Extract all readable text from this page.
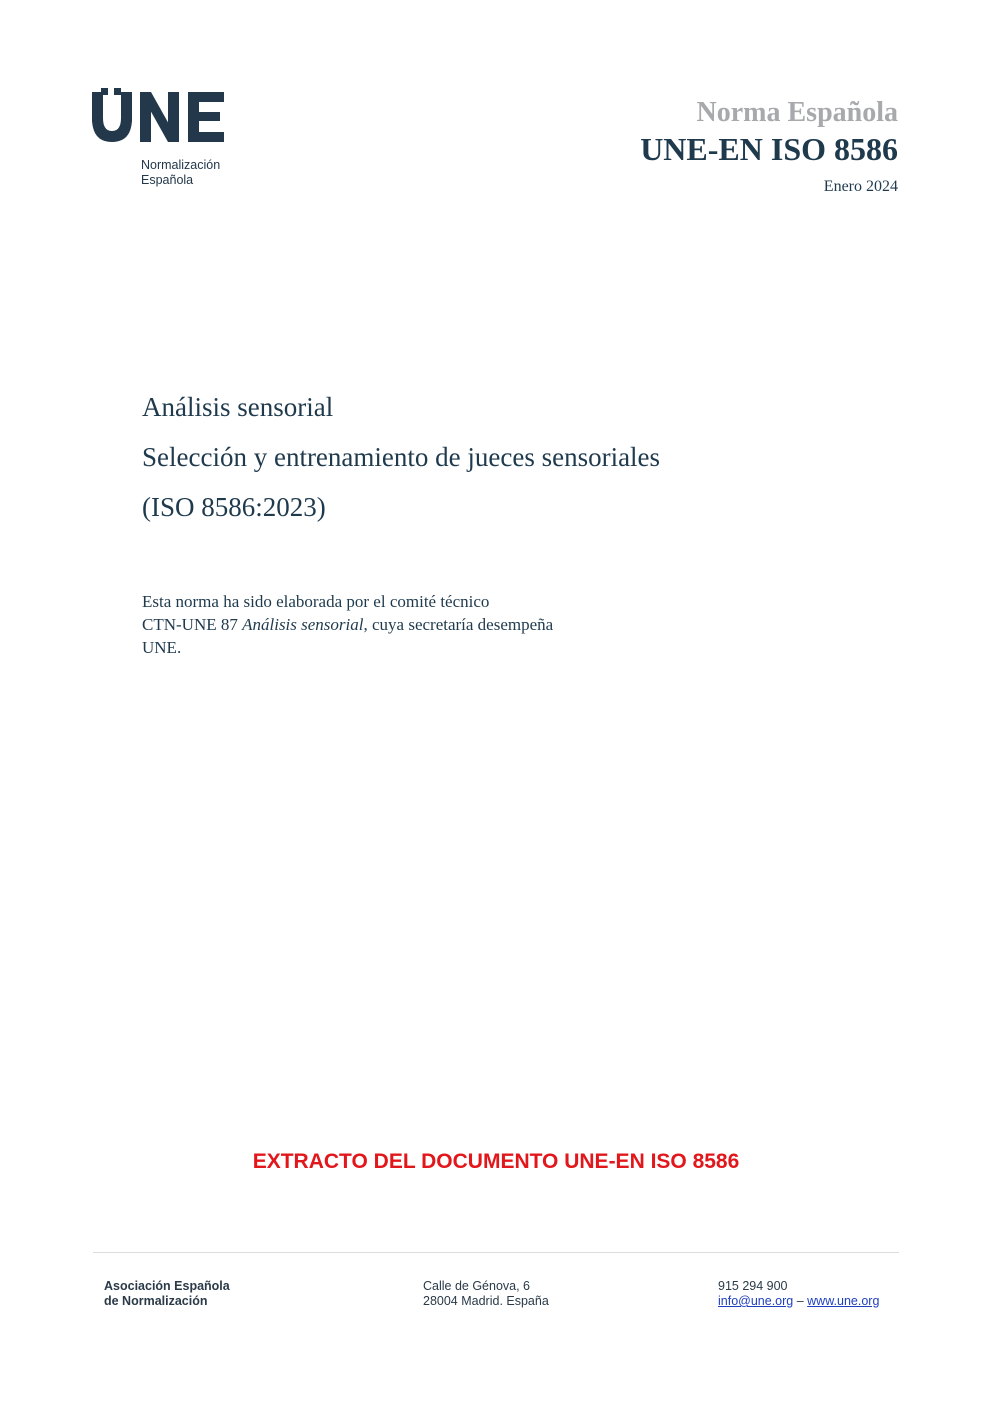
Normalización
Española
Norma Española
UNE-EN ISO 8586
Enero 2024
Análisis sensorial
Selección y entrenamiento de jueces sensoriales
(ISO 8586:2023)
Esta norma ha sido elaborada por el comité técnico
CTN-UNE 87 Análisis sensorial, cuya secretaría desempeña
UNE.
EXTRACTO DEL DOCUMENTO UNE-EN ISO 8586
Asociación Española
de Normalización
Calle de Génova, 6
28004 Madrid. España
915 294 900
info@une.org – www.une.org
